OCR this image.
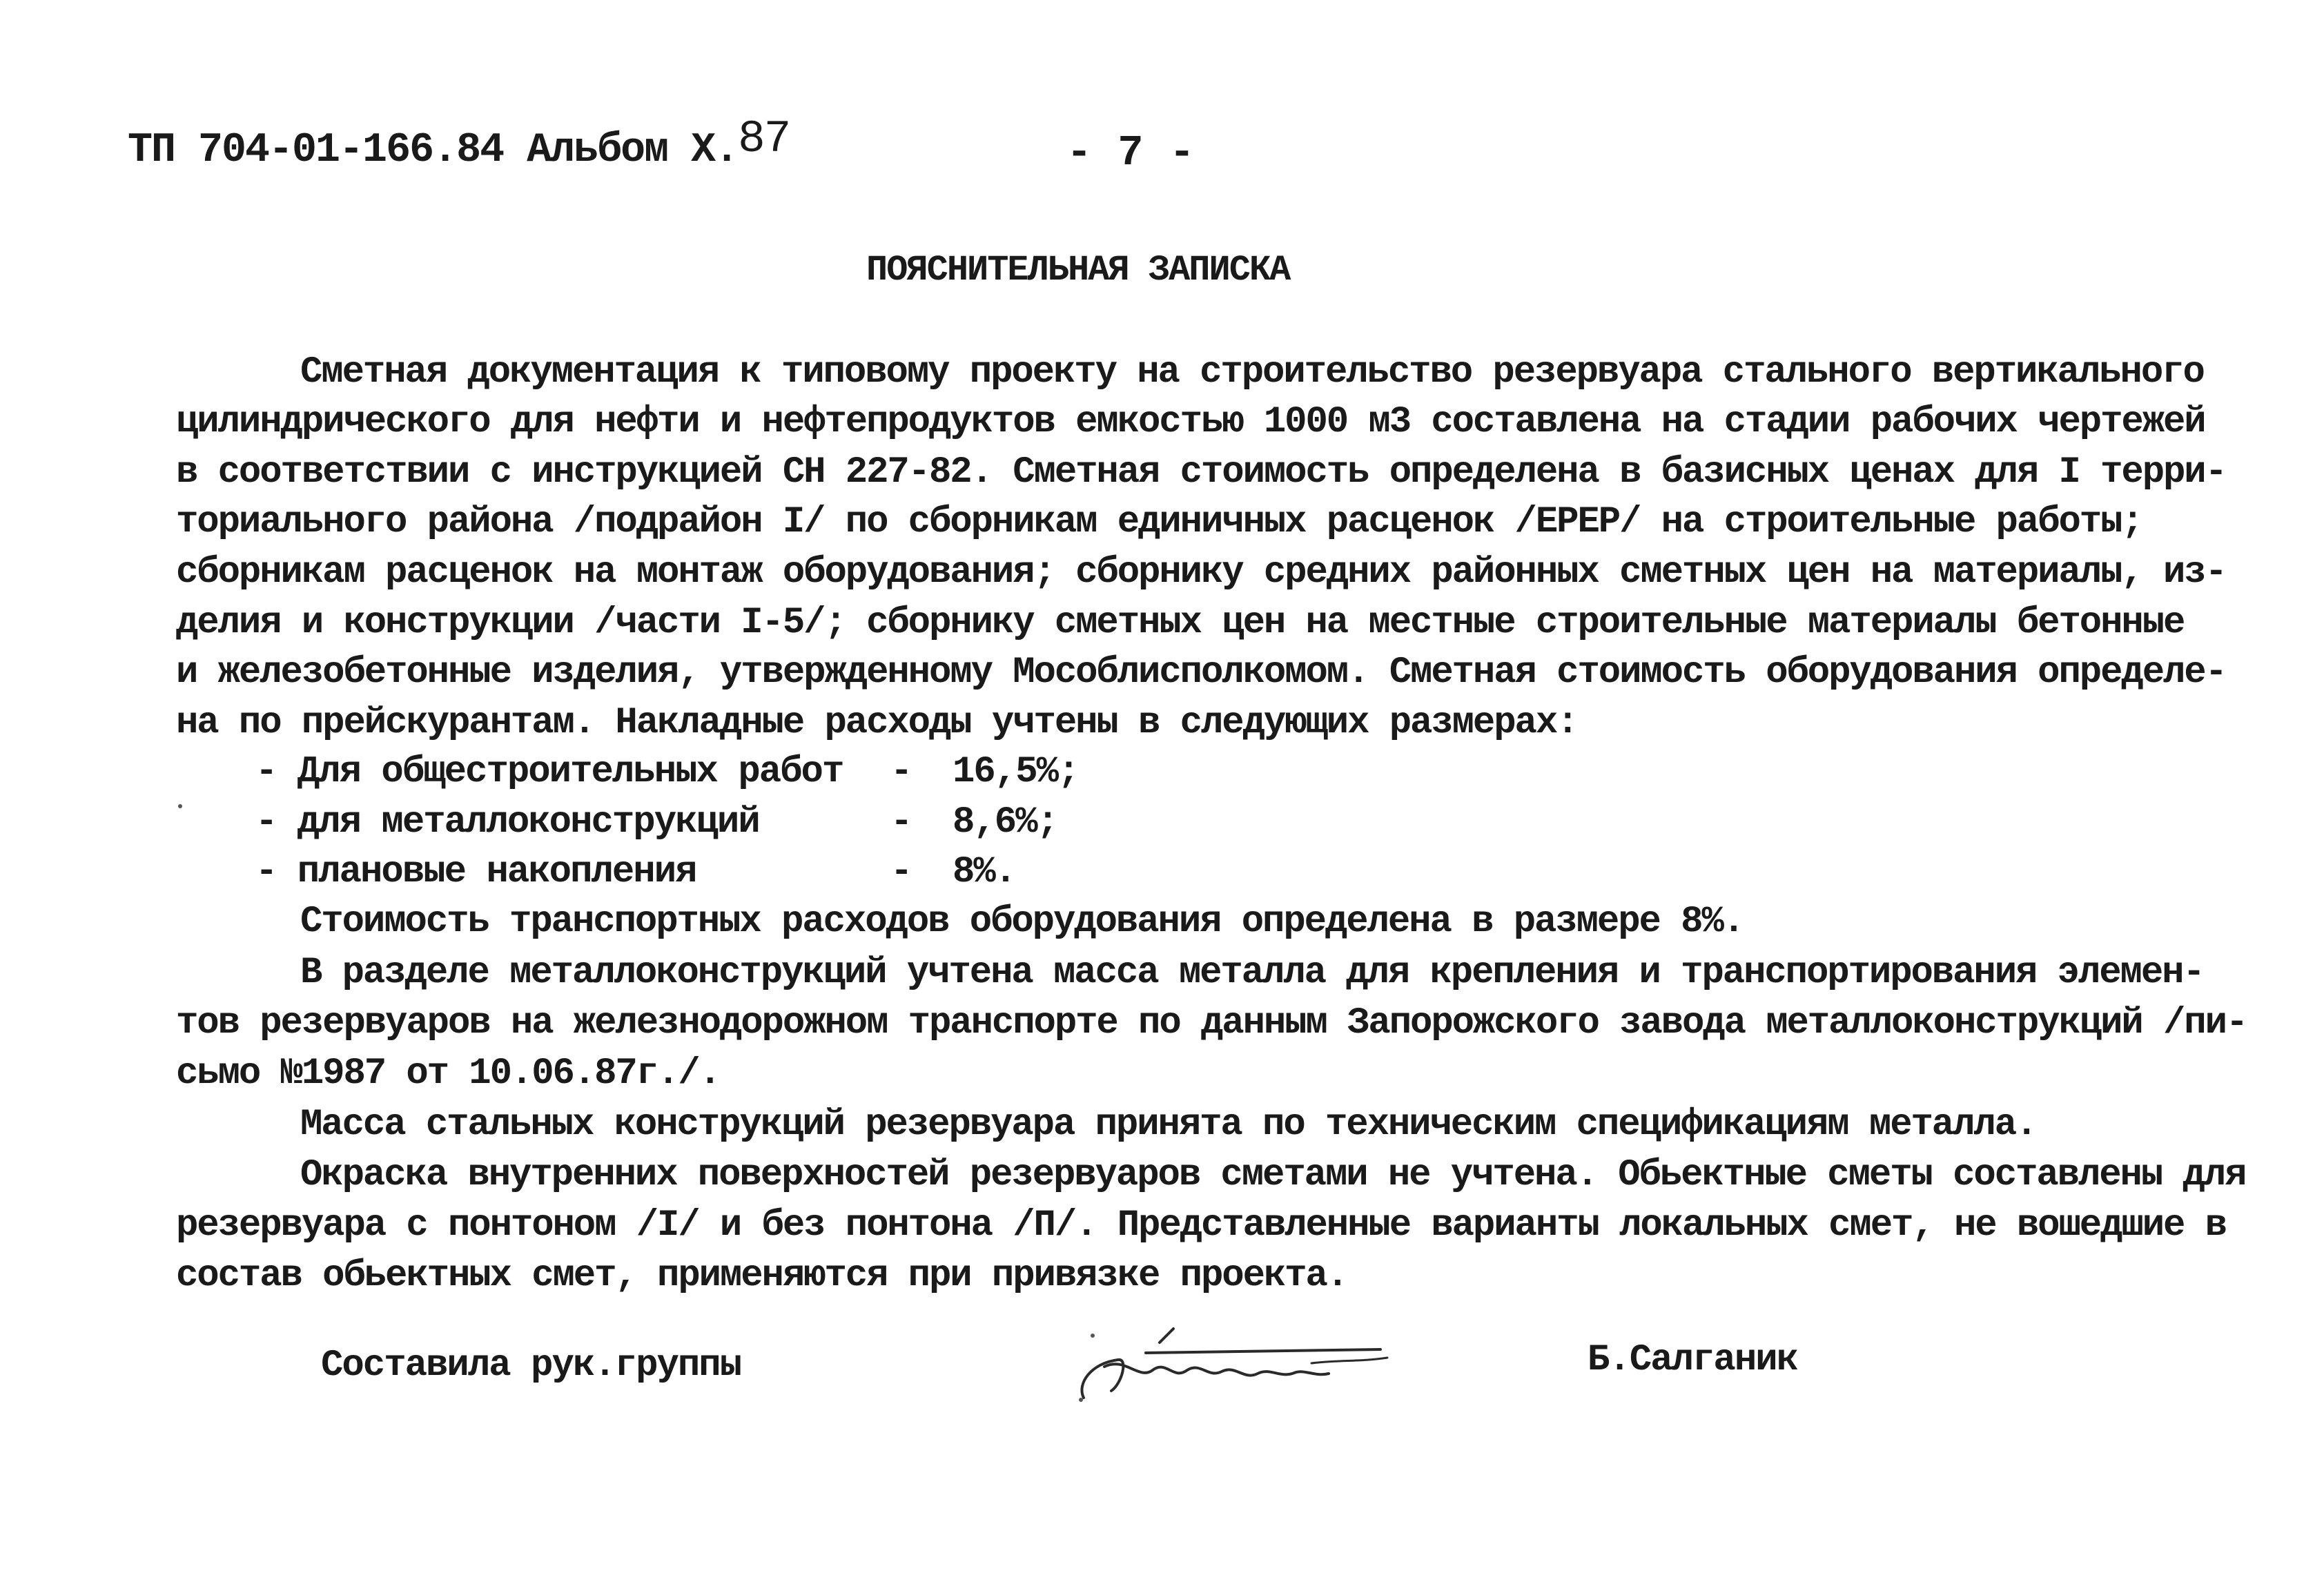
ТП 704-01-166.84 Альбом Х.87	- 7 -
ПОЯСНИТЕЛЬНАЯ ЗАПИСКА
Сметная документация к типовому проекту на строительство резервуара стального вертикального
цилиндрического для нефти и нефтепродуктов емкостью 1000 м3 составлена на стадии рабочих чертежей
в соответствии с инструкцией СН 227-82. Сметная стоимость определена в базисных ценах для I терри-
ториального района /подрайон I/ по сборникам единичных расценок /ЕРЕР/ на строительные работы;
сборникам расценок на монтаж оборудования; сборнику средних районных сметных цен на материалы, из-
делия и конструкции /части I-5/; сборнику сметных цен на местные строительные материалы бетонные
и железобетонные изделия, утвержденному Мособлисполкомом. Сметная стоимость оборудования определе-
на по прейскурантам. Накладные расходы учтены в следующих размерах:
- Для общестроительных работ - 16,5%;
- для металлоконструкций	- 8,6%;
- плановые накопления	- 8%.
Стоимость транспортных расходов оборудования определена в размере 8%.
В разделе металлоконструкций учтена масса металла для крепления и транспортирования элемен-
тов резервуаров на железнодорожном транспорте по данным Запорожского завода металлоконструкций /пи-
сьмо №1987 от 10.06.87г./.
Масса стальных конструкций резервуара принята по техническим спецификациям металла.
Окраска внутренних поверхностей резервуаров сметами не учтена. Обьектные сметы составлены для
резервуара с понтоном /I/ и без понтона /П/. Представленные варианты локальных смет, не вошедшие в
состав обьектных смет, применяются при привязке проекта.
Составила рук.группы	Б.Салганик
